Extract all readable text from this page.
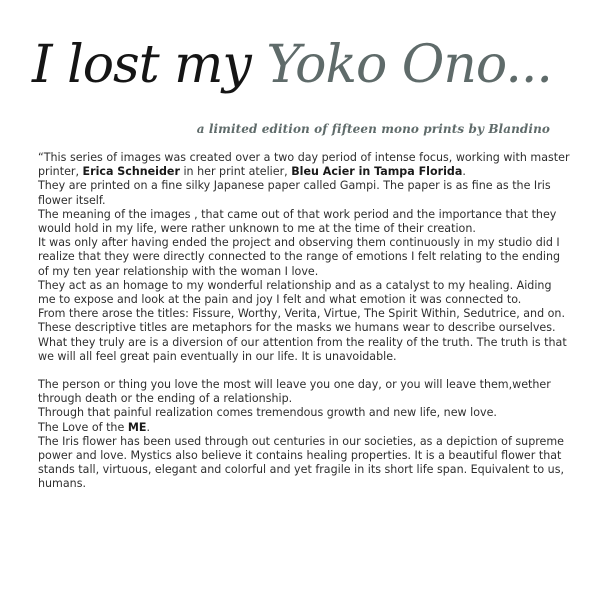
I lost my Yoko Ono...
a limited edition of fifteen mono prints by Blandino

“This series of images was created over a two day period of intense focus, working with master printer, Erica Schneider in her print atelier, Bleu Acier in Tampa Florida.

They are printed on a fine silky Japanese paper called Gampi. The paper is as fine as the Iris flower itself.

The meaning of the images , that came out of that work period and the importance that they would hold in my life, were rather unknown to me at the time of their creation.

It was only after having ended the project and observing them continuously in my studio did I realize that they were directly connected to the range of emotions I felt relating to the ending of my ten year relationship with the woman I love.

They act as an homage to my wonderful relationship and as a catalyst to my healing. Aiding me to expose and look at the pain and joy I felt and what emotion it was connected to.

From there arose the titles: Fissure, Worthy, Verita, Virtue, The Spirit Within, Sedutrice, and on.

These descriptive titles are metaphors for the masks we humans wear to describe ourselves. What they truly are is a diversion of our attention from the reality of the truth. The truth is that we will all feel great pain eventually in our life. It is unavoidable.

The person or thing you love the most will leave you one day, or you will leave them,wether through death or the ending of a relationship.

Through that painful realization comes tremendous growth and new life, new love.

The Love of the ME.

The Iris flower has been used through out centuries in our societies, as a depiction of supreme power and love. Mystics also believe it contains healing properties. It is a beautiful flower that stands tall, virtuous, elegant and colorful and yet fragile in its short life span. Equivalent to us, humans.
